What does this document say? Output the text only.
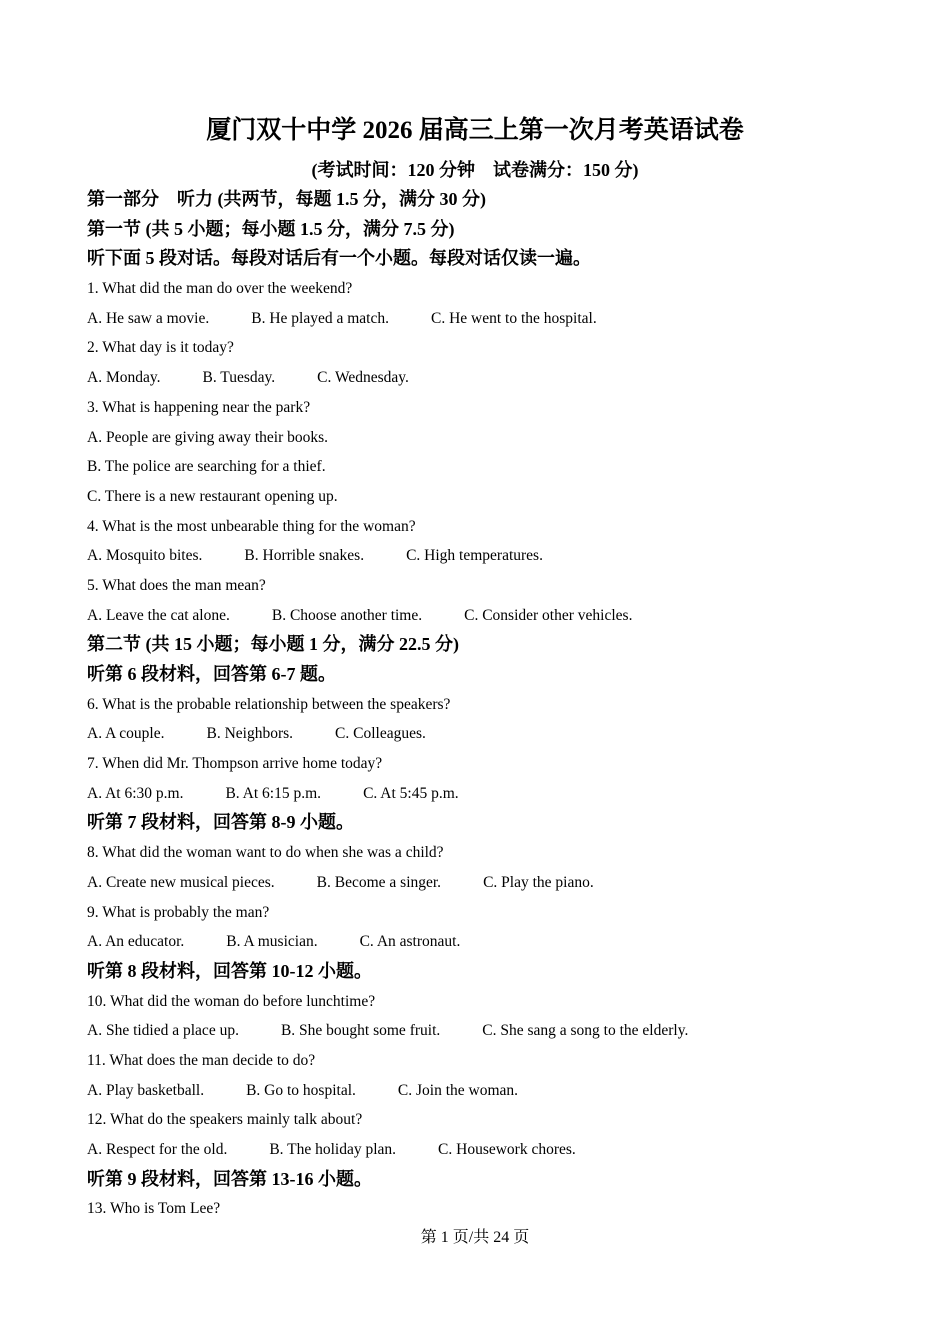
厦门双十中学 2026 届高三上第一次月考英语试卷
(考试时间：120 分钟　试卷满分：150 分)
第一部分　听力 (共两节，每题 1.5 分，满分 30 分)
第一节 (共 5 小题；每小题 1.5 分，满分 7.5 分)
听下面 5 段对话。每段对话后有一个小题。每段对话仅读一遍。
1. What did the man do over the weekend?
A. He saw a movie.	B. He played a match.	C. He went to the hospital.
2. What day is it today?
A. Monday.	B. Tuesday.	C. Wednesday.
3. What is happening near the park?
A. People are giving away their books.
B. The police are searching for a thief.
C. There is a new restaurant opening up.
4. What is the most unbearable thing for the woman?
A. Mosquito bites.	B. Horrible snakes.	C. High temperatures.
5. What does the man mean?
A. Leave the cat alone.	B. Choose another time.	C. Consider other vehicles.
第二节 (共 15 小题；每小题 1 分，满分 22.5 分)
听第 6 段材料，回答第 6-7 题。
6. What is the probable relationship between the speakers?
A. A couple.	B. Neighbors.	C. Colleagues.
7. When did Mr. Thompson arrive home today?
A. At 6:30 p.m.	B. At 6:15 p.m.	C. At 5:45 p.m.
听第 7 段材料，回答第 8-9 小题。
8. What did the woman want to do when she was a child?
A. Create new musical pieces.	B. Become a singer.	C. Play the piano.
9. What is probably the man?
A. An educator.	B. A musician.	C. An astronaut.
听第 8 段材料，回答第 10-12 小题。
10. What did the woman do before lunchtime?
A. She tidied a place up.	B. She bought some fruit.	C. She sang a song to the elderly.
11. What does the man decide to do?
A. Play basketball.	B. Go to hospital.	C. Join the woman.
12. What do the speakers mainly talk about?
A. Respect for the old.	B. The holiday plan.	C. Housework chores.
听第 9 段材料，回答第 13-16 小题。
13. Who is Tom Lee?
第 1 页/共 24 页
